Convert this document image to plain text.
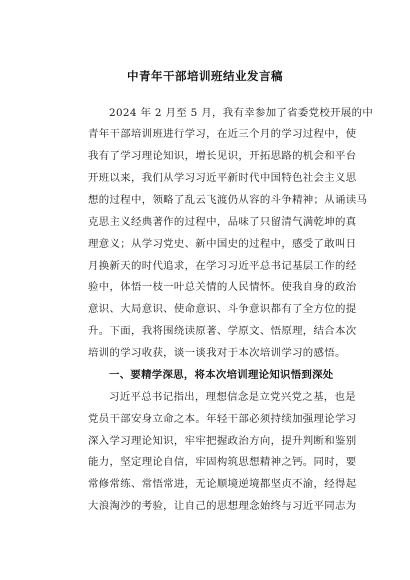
中青年干部培训班结业发言稿
2024 年 2 月至 5 月，我有幸参加了省委党校开展的中
青年干部培训班进行学习，在近三个月的学习过程中，使
我有了学习理论知识，增长见识，开拓思路的机会和平台
开班以来，我们从学习习近平新时代中国特色社会主义思
想的过程中，领略了乱云飞渡仍从容的斗争精神；从诵读马
克思主义经典著作的过程中，品味了只留清气满乾坤的真
理意义；从学习党史、新中国史的过程中，感受了敢叫日
月换新天的时代追求，在学习习近平总书记基层工作的经
验中，体悟一枝一叶总关情的人民情怀。使我自身的政治
意识、大局意识、使命意识、斗争意识都有了全方位的提
升。下面，我将围绕读原著、学原文、悟原理，结合本次
培训的学习收获，谈一谈我对于本次培训学习的感悟。
一、要精学深思，将本次培训理论知识悟到深处
习近平总书记指出，理想信念是立党兴党之基，也是
党员干部安身立命之本。年轻干部必须持续加强理论学习
深入学习理论知识，牢牢把握政治方向，提升判断和鉴别
能力，坚定理论自信，牢固构筑思想精神之钙。同时，要
常修常练、常悟常进，无论顺境逆境都坚贞不渝，经得起
大浪淘沙的考验，让自己的思想理念始终与习近平同志为
